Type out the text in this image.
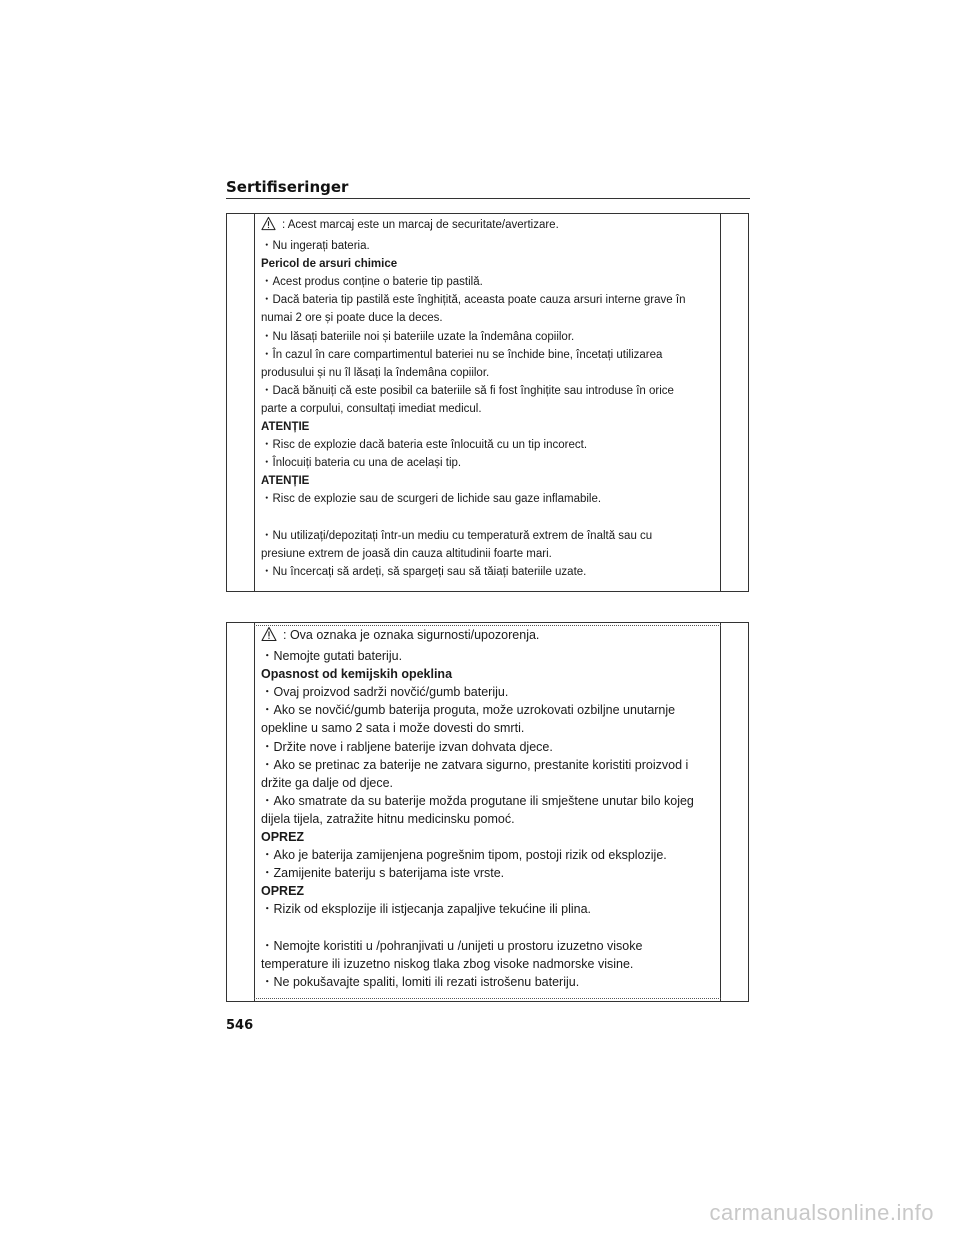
Sertifiseringer
: Acest marcaj este un marcaj de securitate/avertizare.
・Nu ingerați bateria.
Pericol de arsuri chimice
・Acest produs conține o baterie tip pastilă.
・Dacă bateria tip pastilă este înghițită, aceasta poate cauza arsuri interne grave în
numai 2 ore și poate duce la deces.
・Nu lăsați bateriile noi și bateriile uzate la îndemâna copiilor.
・În cazul în care compartimentul bateriei nu se închide bine, încetați utilizarea
produsului și nu îl lăsați la îndemâna copiilor.
・Dacă bănuiți că este posibil ca bateriile să fi fost înghițite sau introduse în orice
parte a corpului, consultați imediat medicul.
ATENȚIE
・Risc de explozie dacă bateria este înlocuită cu un tip incorect.
・Înlocuiți bateria cu una de același tip.
ATENȚIE
・Risc de explozie sau de scurgeri de lichide sau gaze inflamabile.
・Nu utilizați/depozitați într-un mediu cu temperatură extrem de înaltă sau cu
presiune extrem de joasă din cauza altitudinii foarte mari.
・Nu încercați să ardeți, să spargeți sau să tăiați bateriile uzate.
: Ova oznaka je oznaka sigurnosti/upozorenja.
・Nemojte gutati bateriju.
Opasnost od kemijskih opeklina
・Ovaj proizvod sadrži novčić/gumb bateriju.
・Ako se novčić/gumb baterija proguta, može uzrokovati ozbiljne unutarnje
opekline u samo 2 sata i može dovesti do smrti.
・Držite nove i rabljene baterije izvan dohvata djece.
・Ako se pretinac za baterije ne zatvara sigurno, prestanite koristiti proizvod i
držite ga dalje od djece.
・Ako smatrate da su baterije možda progutane ili smještene unutar bilo kojeg
dijela tijela, zatražite hitnu medicinsku pomoć.
OPREZ
・Ako je baterija zamijenjena pogrešnim tipom, postoji rizik od eksplozije.
・Zamijenite bateriju s baterijama iste vrste.
OPREZ
・Rizik od eksplozije ili istjecanja zapaljive tekućine ili plina.
・Nemojte koristiti u /pohranjivati u /unijeti u prostoru izuzetno visoke
temperature ili izuzetno niskog tlaka zbog visoke nadmorske visine.
・Ne pokušavajte spaliti, lomiti ili rezati istrošenu bateriju.
546
carmanualsonline.info
